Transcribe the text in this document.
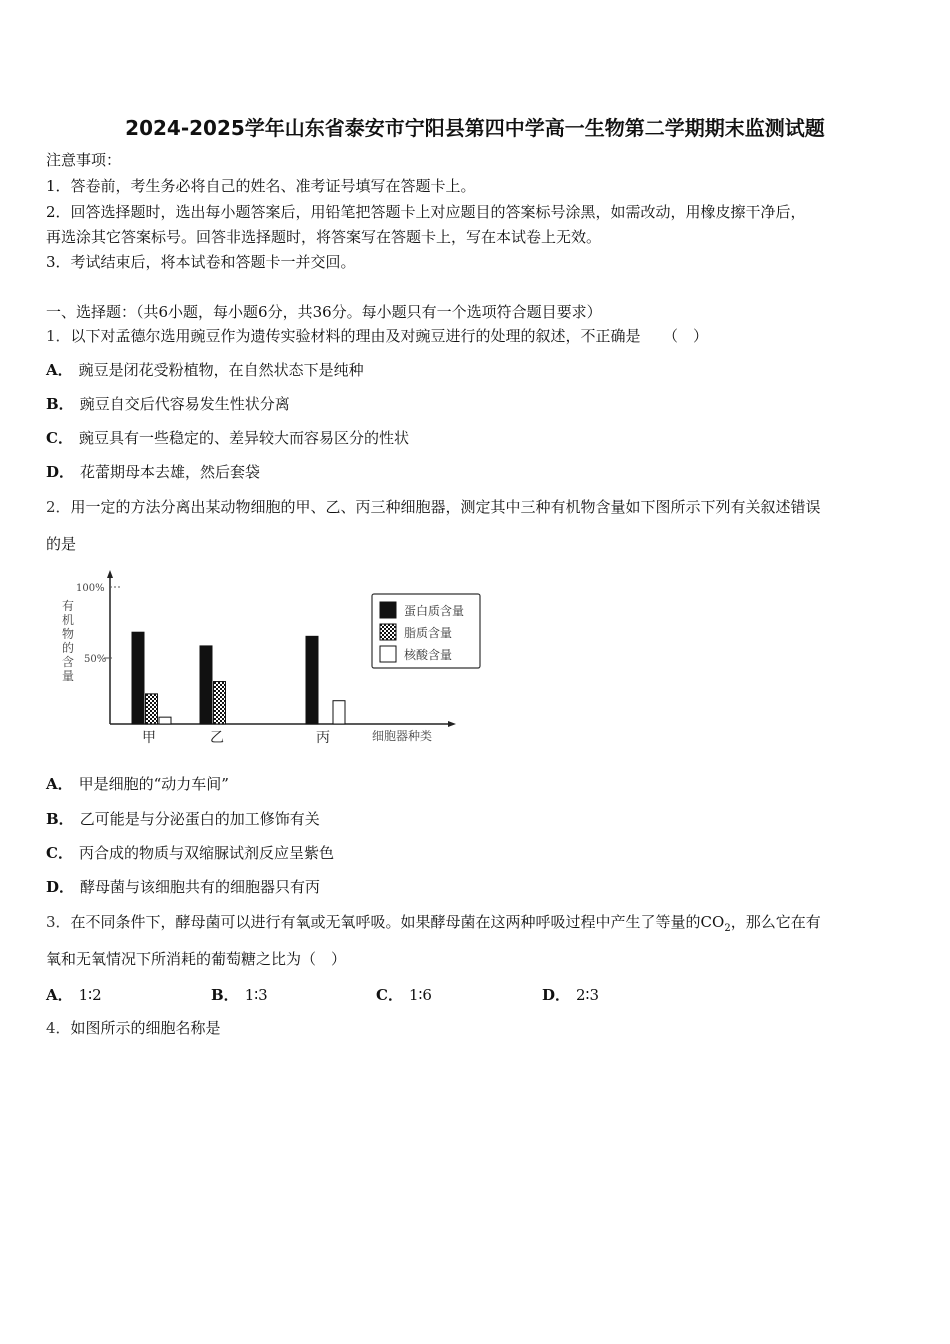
2024-2025学年山东省泰安市宁阳县第四中学高一生物第二学期期末监测试题
注意事项：
1．答卷前，考生务必将自己的姓名、准考证号填写在答题卡上。
2．回答选择题时，选出每小题答案后，用铅笔把答题卡上对应题目的答案标号涂黑，如需改动，用橡皮擦干净后，
再选涂其它答案标号。回答非选择题时，将答案写在答题卡上，写在本试卷上无效。
3．考试结束后，将本试卷和答题卡一并交回。
一、选择题：（共6小题，每小题6分，共36分。每小题只有一个选项符合题目要求）
1．以下对孟德尔选用豌豆作为遗传实验材料的理由及对豌豆进行的处理的叙述，不正确是　　（　）
A． 豌豆是闭花受粉植物，在自然状态下是纯种
B． 豌豆自交后代容易发生性状分离
C． 豌豆具有一些稳定的、差异较大而容易区分的性状
D． 花蕾期母本去雄，然后套袋
2．用一定的方法分离出某动物细胞的甲、乙、丙三种细胞器，测定其中三种有机物含量如下图所示下列有关叙述错误
的是
100%
50%
有机物的含量
甲	乙	丙	细胞器种类
蛋白质含量
脂质含量
核酸含量
A． 甲是细胞的“动力车间”
B． 乙可能是与分泌蛋白的加工修饰有关
C． 丙合成的物质与双缩脲试剂反应呈紫色
D． 酵母菌与该细胞共有的细胞器只有丙
3．在不同条件下，酵母菌可以进行有氧或无氧呼吸。如果酵母菌在这两种呼吸过程中产生了等量的$CO_2$，那么它在有
氧和无氧情况下所消耗的葡萄糖之比为（　）
A． 1∶2	B． 1∶3	C． 1∶6	D． 2∶3
4．如图所示的细胞名称是
